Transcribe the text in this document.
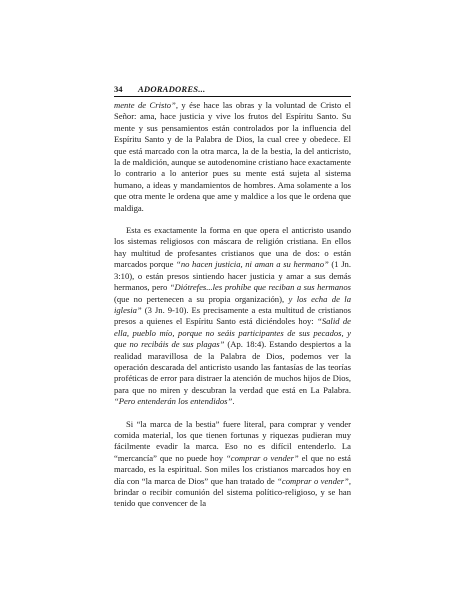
34 ADORADORES...

mente de Cristo”, y ése hace las obras y la voluntad de Cristo el Señor: ama, hace justicia y vive los frutos del Espíritu Santo. Su mente y sus pensamientos están controlados por la influencia del Espíritu Santo y de la Palabra de Dios, la cual cree y obedece. El que está marcado con la otra marca, la de la bestia, la del anticristo, la de maldición, aunque se autodenomine cristiano hace exactamente lo contrario a lo anterior pues su mente está sujeta al sistema humano, a ideas y mandamientos de hombres. Ama solamente a los que otra mente le ordena que ame y maldice a los que le ordena que maldiga.

Esta es exactamente la forma en que opera el anticristo usando los sistemas religiosos con máscara de religión cristiana. En ellos hay multitud de profesantes cristianos que una de dos: o están marcados porque “no hacen justicia, ni aman a su hermano” (1 Jn. 3:10), o están presos sintiendo hacer justicia y amar a sus demás hermanos, pero “Diótrefes...les prohíbe que reciban a sus hermanos (que no pertenecen a su propia organización), y los echa de la iglesia” (3 Jn. 9-10). Es precisamente a esta multitud de cristianos presos a quienes el Espíritu Santo está diciéndoles hoy: “Salid de ella, pueblo mío, porque no seáis participantes de sus pecados, y que no recibáis de sus plagas” (Ap. 18:4). Estando despiertos a la realidad maravillosa de la Palabra de Dios, podemos ver la operación descarada del anticristo usando las fantasías de las teorías proféticas de error para distraer la atención de muchos hijos de Dios, para que no miren y descubran la verdad que está en La Palabra. “Pero entenderán los entendidos”.

Si “la marca de la bestia” fuere literal, para comprar y vender comida material, los que tienen fortunas y riquezas pudieran muy fácilmente evadir la marca. Eso no es difícil entenderlo. La “mercancía” que no puede hoy “comprar o vender” el que no está marcado, es la espiritual. Son miles los cristianos marcados hoy en día con “la marca de Dios” que han tratado de “comprar o vender”, brindar o recibir comunión del sistema político-religioso, y se han tenido que convencer de la
